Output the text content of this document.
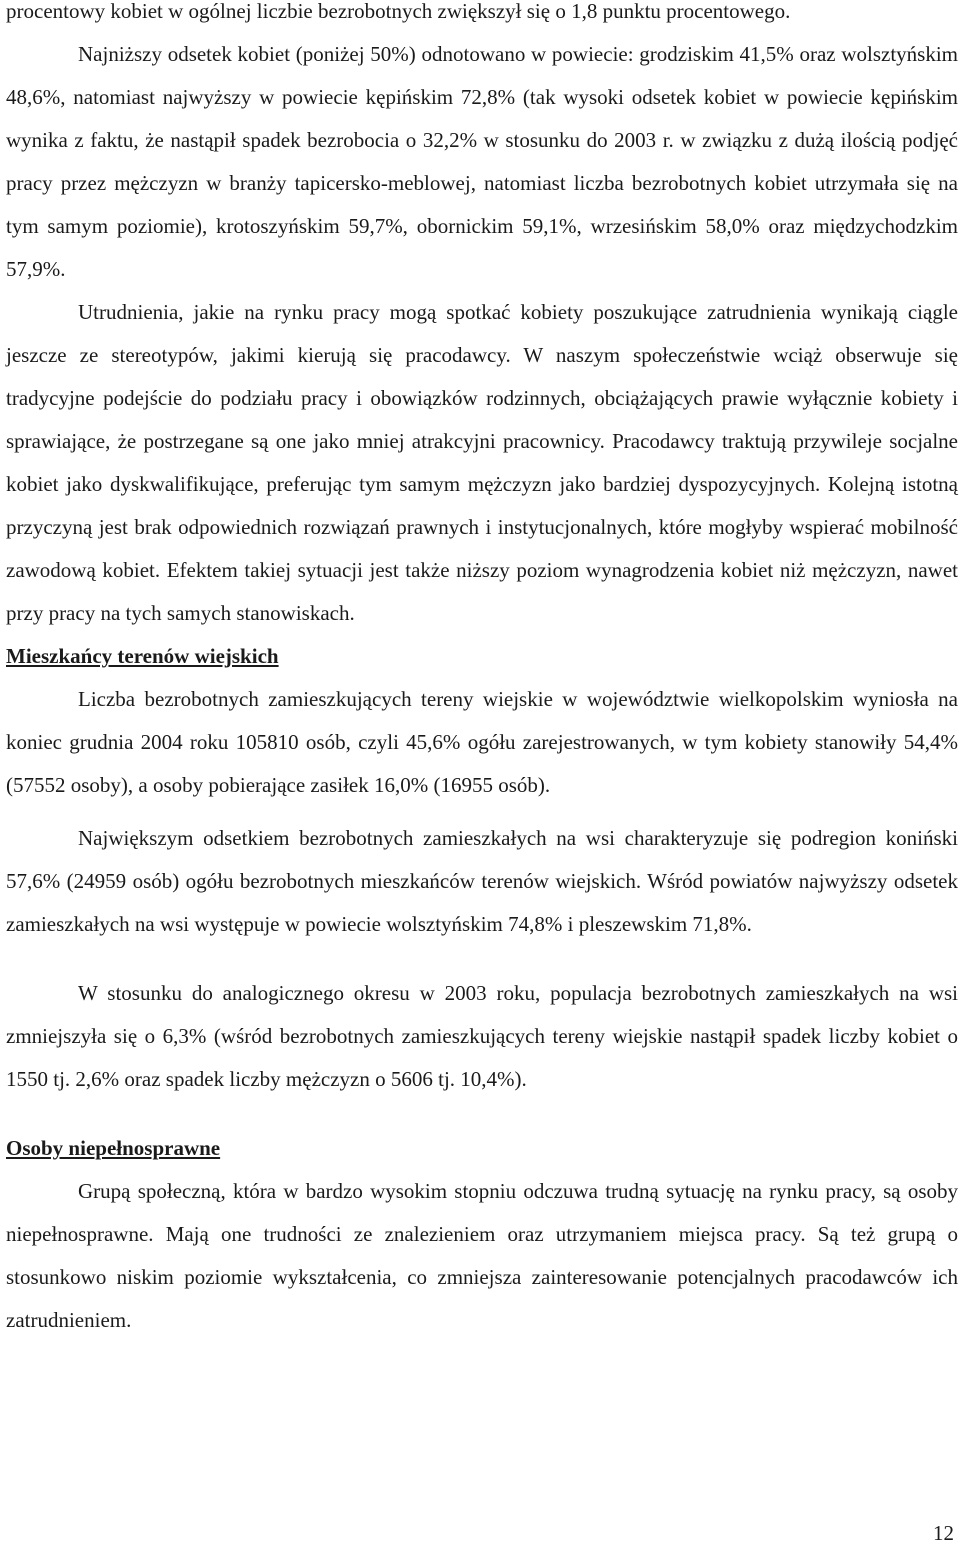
procentowy kobiet w ogólnej liczbie bezrobotnych zwiększył się o 1,8 punktu procentowego.

Najniższy odsetek kobiet (poniżej 50%) odnotowano w powiecie: grodziskim 41,5% oraz wolsztyńskim 48,6%, natomiast najwyższy w powiecie kępińskim 72,8% (tak wysoki odsetek kobiet w powiecie kępińskim wynika z faktu, że nastąpił spadek bezrobocia o 32,2% w stosunku do 2003 r. w związku z dużą ilością podjęć pracy przez mężczyzn w branży tapicersko-meblowej, natomiast liczba bezrobotnych kobiet utrzymała się na tym samym poziomie), krotoszyńskim 59,7%, obornickim 59,1%, wrzesińskim 58,0% oraz międzychodzkim 57,9%.

Utrudnienia, jakie na rynku pracy mogą spotkać kobiety poszukujące zatrudnienia wynikają ciągle jeszcze ze stereotypów, jakimi kierują się pracodawcy. W naszym społeczeństwie wciąż obserwuje się tradycyjne podejście do podziału pracy i obowiązków rodzinnych, obciążających prawie wyłącznie kobiety i sprawiające, że postrzegane są one jako mniej atrakcyjni pracownicy. Pracodawcy traktują przywileje socjalne kobiet jako dyskwalifikujące, preferując tym samym mężczyzn jako bardziej dyspozycyjnych. Kolejną istotną przyczyną jest brak odpowiednich rozwiązań prawnych i instytucjonalnych, które mogłyby wspierać mobilność zawodową kobiet. Efektem takiej sytuacji jest także niższy poziom wynagrodzenia kobiet niż mężczyzn, nawet przy pracy na tych samych stanowiskach.

Mieszkańcy terenów wiejskich

Liczba bezrobotnych zamieszkujących tereny wiejskie w województwie wielkopolskim wyniosła na koniec grudnia 2004 roku 105810 osób, czyli 45,6% ogółu zarejestrowanych, w tym kobiety stanowiły 54,4% (57552 osoby), a osoby pobierające zasiłek 16,0% (16955 osób).

Największym odsetkiem bezrobotnych zamieszkałych na wsi charakteryzuje się podregion koniński 57,6% (24959 osób) ogółu bezrobotnych mieszkańców terenów wiejskich. Wśród powiatów najwyższy odsetek zamieszkałych na wsi występuje w powiecie wolsztyńskim 74,8% i pleszewskim 71,8%.

W stosunku do analogicznego okresu w 2003 roku, populacja bezrobotnych zamieszkałych na wsi zmniejszyła się o 6,3% (wśród bezrobotnych zamieszkujących tereny wiejskie nastąpił spadek liczby kobiet o 1550 tj. 2,6% oraz spadek liczby mężczyzn o 5606 tj. 10,4%).

Osoby niepełnosprawne

Grupą społeczną, która w bardzo wysokim stopniu odczuwa trudną sytuację na rynku pracy, są osoby niepełnosprawne. Mają one trudności ze znalezieniem oraz utrzymaniem miejsca pracy. Są też grupą o stosunkowo niskim poziomie wykształcenia, co zmniejsza zainteresowanie potencjalnych pracodawców ich zatrudnieniem.

12
